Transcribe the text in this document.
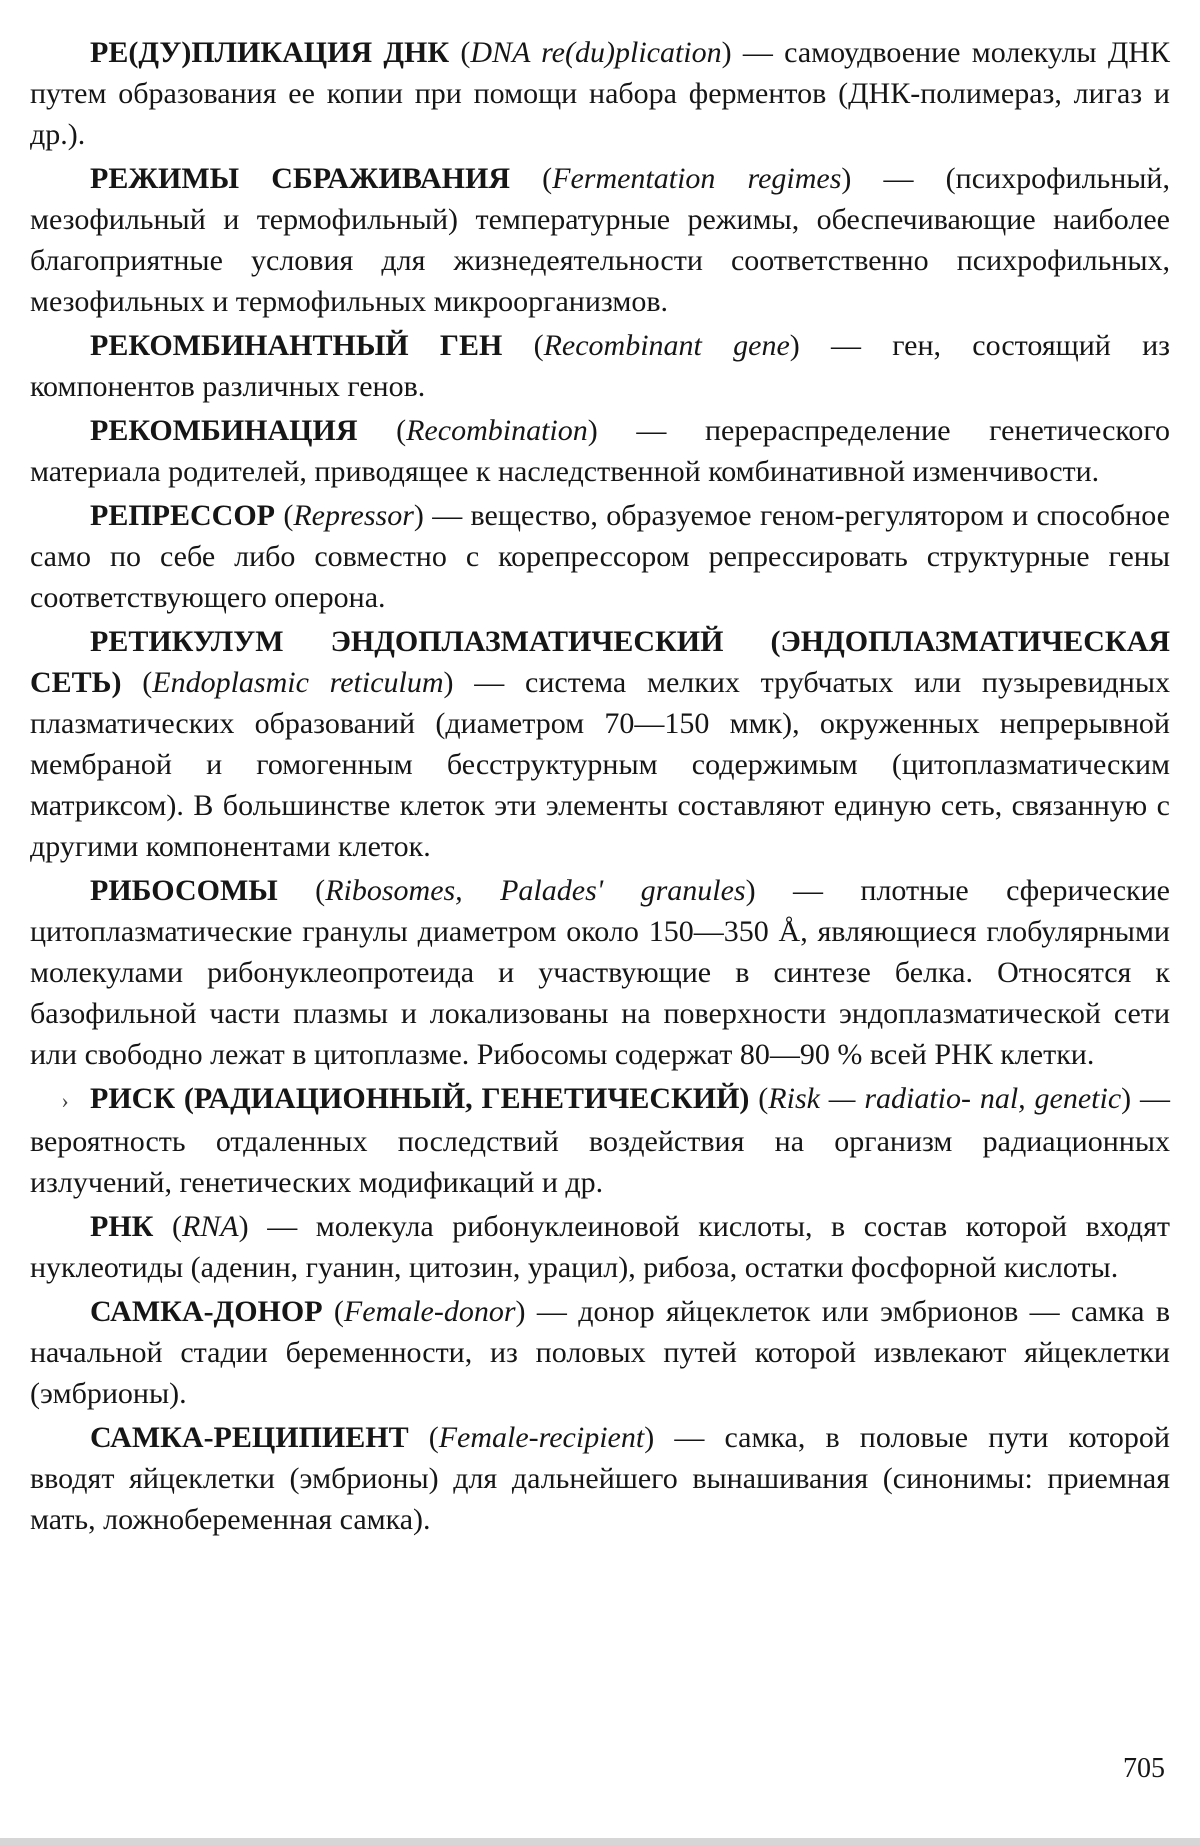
РЕ(ДУ)ПЛИКАЦИЯ ДНК (DNA re(du)plication) — самоудвоение молекулы ДНК путем образования ее копии при помощи набора ферментов (ДНК-полимераз, лигаз и др.).

РЕЖИМЫ СБРАЖИВАНИЯ (Fermentation regimes) — (психрофильный, мезофильный и термофильный) температурные режимы, обеспечивающие наиболее благоприятные условия для жизнедеятельности соответственно психрофильных, мезофильных и термофильных микроорганизмов.

РЕКОМБИНАНТНЫЙ ГЕН (Recombinant gene) — ген, состоящий из компонентов различных генов.

РЕКОМБИНАЦИЯ (Recombination) — перераспределение генетического материала родителей, приводящее к наследственной комбинативной изменчивости.

РЕПРЕССОР (Repressor) — вещество, образуемое геном-регулятором и способное само по себе либо совместно с корепрессором репрессировать структурные гены соответствующего оперона.

РЕТИКУЛУМ ЭНДОПЛАЗМАТИЧЕСКИЙ (ЭНДОПЛАЗМАТИЧЕСКАЯ СЕТЬ) (Endoplasmic reticulum) — система мелких трубчатых или пузыревидных плазматических образований (диаметром 70—150 ммк), окруженных непрерывной мембраной и гомогенным бесструктурным содержимым (цитоплазматическим матриксом). В большинстве клеток эти элементы составляют единую сеть, связанную с другими компонентами клеток.

РИБОСОМЫ (Ribosomes, Palades' granules) — плотные сферические цитоплазматические гранулы диаметром около 150—350 Å, являющиеся глобулярными молекулами рибонуклеопротеида и участвующие в синтезе белка. Относятся к базофильной части плазмы и локализованы на поверхности эндоплазматической сети или свободно лежат в цитоплазме. Рибосомы содержат 80—90 % всей РНК клетки.

› РИСК (РАДИАЦИОННЫЙ, ГЕНЕТИЧЕСКИЙ) (Risk — radiatio- nal, genetic) — вероятность отдаленных последствий воздействия на организм радиационных излучений, генетических модификаций и др.

РНК (RNA) — молекула рибонуклеиновой кислоты, в состав которой входят нуклеотиды (аденин, гуанин, цитозин, урацил), рибоза, остатки фосфорной кислоты.

САМКА-ДОНОР (Female-donor) — донор яйцеклеток или эмбрионов — самка в начальной стадии беременности, из половых путей которой извлекают яйцеклетки (эмбрионы).

САМКА-РЕЦИПИЕНТ (Female-recipient) — самка, в половые пути которой вводят яйцеклетки (эмбрионы) для дальнейшего вынашивания (синонимы: приемная мать, ложнобеременная самка).

705
